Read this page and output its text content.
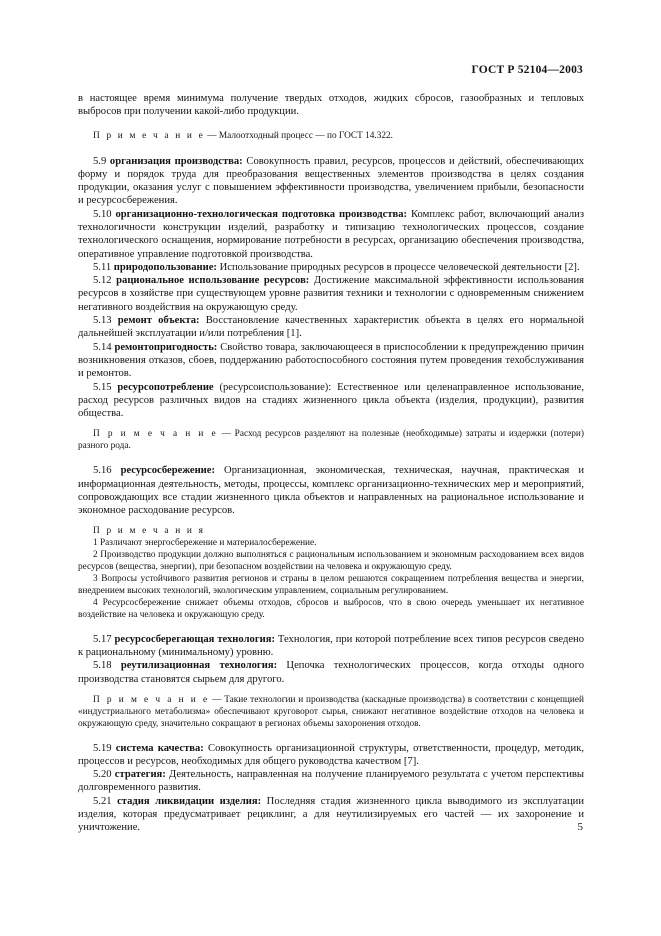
ГОСТ Р 52104—2003

в настоящее время минимума получение твердых отходов, жидких сбросов, газообразных и тепловых выбросов при получении какой-либо продукции.

П р и м е ч а н и е — Малоотходный процесс — по ГОСТ 14.322.

5.9 организация производства: Совокупность правил, ресурсов, процессов и действий, обеспечивающих форму и порядок труда для преобразования вещественных элементов производства в целях создания продукции, оказания услуг с повышением эффективности производства, увеличением прибыли, безопасности и ресурсосбережения.

5.10 организационно-технологическая подготовка производства: Комплекс работ, включающий анализ технологичности конструкции изделий, разработку и типизацию технологических процессов, создание технологического оснащения, нормирование потребности в ресурсах, организацию обеспечения производства, оперативное управление подготовкой производства.

5.11 природопользование: Использование природных ресурсов в процессе человеческой деятельности [2].

5.12 рациональное использование ресурсов: Достижение максимальной эффективности использования ресурсов в хозяйстве при существующем уровне развития техники и технологии с одновременным снижением негативного воздействия на окружающую среду.

5.13 ремонт объекта: Восстановление качественных характеристик объекта в целях его нормальной дальнейшей эксплуатации и/или потребления [1].

5.14 ремонтопригодность: Свойство товара, заключающееся в приспособлении к предупреждению причин возникновения отказов, сбоев, поддержанию работоспособного состояния путем проведения техобслуживания и ремонтов.

5.15 ресурсопотребление (ресурсоиспользование): Естественное или целенаправленное использование, расход ресурсов различных видов на стадиях жизненного цикла объекта (изделия, продукции), развития общества.

П р и м е ч а н и е — Расход ресурсов разделяют на полезные (необходимые) затраты и издержки (потери) разного рода.

5.16 ресурсосбережение: Организационная, экономическая, техническая, научная, практическая и информационная деятельность, методы, процессы, комплекс организационно-технических мер и мероприятий, сопровождающих все стадии жизненного цикла объектов и направленных на рациональное использование и экономное расходование ресурсов.

П р и м е ч а н и я

1 Различают энергосбережение и материалосбережение.

2 Производство продукции должно выполняться с рациональным использованием и экономным расходованием всех видов ресурсов (вещества, энергии), при безопасном воздействии на человека и окружающую среду.

3 Вопросы устойчивого развития регионов и страны в целом решаются сокращением потребления вещества и энергии, внедрением высоких технологий, экологическим управлением, социальным регулированием.

4 Ресурсосбережение снижает объемы отходов, сбросов и выбросов, что в свою очередь уменьшает их негативное воздействие на человека и окружающую среду.

5.17 ресурсосберегающая технология: Технология, при которой потребление всех типов ресурсов сведено к рациональному (минимальному) уровню.

5.18 реутилизационная технология: Цепочка технологических процессов, когда отходы одного производства становятся сырьем для другого.

П р и м е ч а н и е — Такие технологии и производства (каскадные производства) в соответствии с концепцией «индустриального метаболизма» обеспечивают круговорот сырья, снижают негативное воздействие отходов на человека и окружающую среду, значительно сокращают в регионах объемы захоронения отходов.

5.19 система качества: Совокупность организационной структуры, ответственности, процедур, методик, процессов и ресурсов, необходимых для общего руководства качеством [7].

5.20 стратегия: Деятельность, направленная на получение планируемого результата с учетом перспективы долговременного развития.

5.21 стадия ликвидации изделия: Последняя стадия жизненного цикла выводимого из эксплуатации изделия, которая предусматривает рециклинг, а для неутилизируемых его частей — их захоронение и уничтожение.	5
